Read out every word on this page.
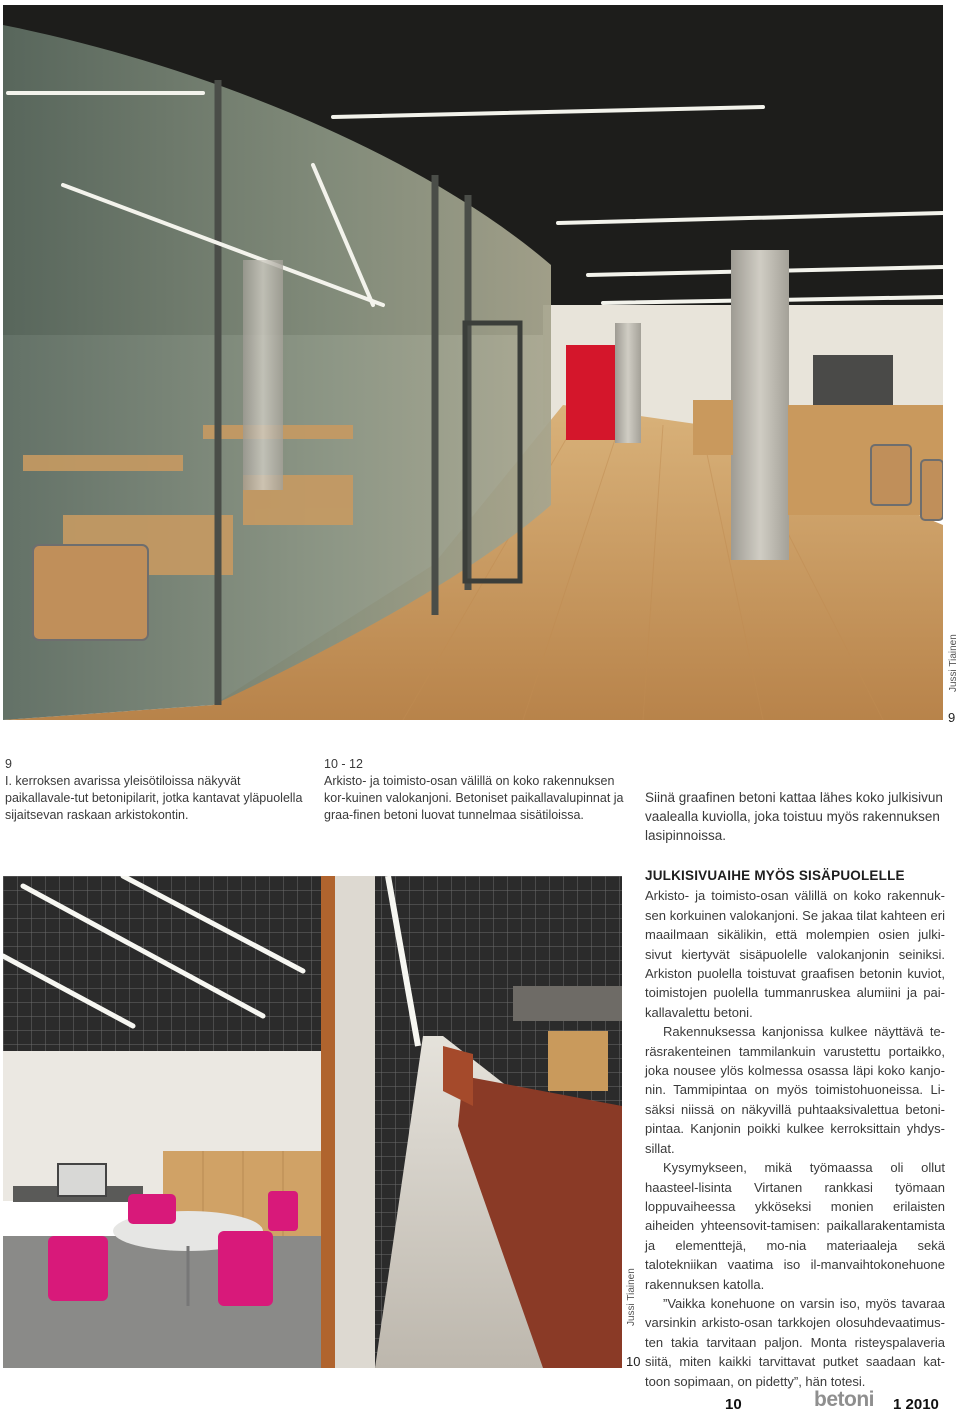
Jussi Tiainen
9
9
I. kerroksen avarissa yleisötiloissa näkyvät paikallavale-tut betonipilarit, jotka kantavat yläpuolella sijaitsevan raskaan arkistokontin.
10 - 12
Arkisto- ja toimisto-osan välillä on koko rakennuksen kor-kuinen valokanjoni. Betoniset paikallavalupinnat ja graa-finen betoni luovat tunnelmaa sisätiloissa.
Siinä graafinen betoni kattaa lähes koko julkisivun vaalealla kuviolla, joka toistuu myös rakennuksen lasipinnoissa.
Jussi Tiainen
10
JULKISIVUAIHE MYÖS SISÄPUOLELLE

Arkisto- ja toimisto-osan välillä on koko rakennuk-sen korkuinen valokanjoni. Se jakaa tilat kahteen eri maailmaan sikälikin, että molempien osien julki-sivut kiertyvät sisäpuolelle valokanjonin seiniksi. Arkiston puolella toistuvat graafisen betonin kuviot, toimistojen puolella tummanruskea alumiini ja pai-kallavalettu betoni.

Rakennuksessa kanjonissa kulkee näyttävä te-räsrakenteinen tammilankuin varustettu portaikko, joka nousee ylös kolmessa osassa läpi koko kanjo-nin. Tammipintaa on myös toimistohuoneissa. Li-säksi niissä on näkyvillä puhtaaksivalettua betoni-pintaa. Kanjonin poikki kulkee kerroksittain yhdys-sillat.

Kysymykseen, mikä työmaassa oli ollut haasteel-lisinta Virtanen rankkasi työmaan loppuvaiheessa ykköseksi monien erilaisten aiheiden yhteensovit-tamisen: paikallarakentamista ja elementtejä, mo-nia materiaaleja sekä talotekniikan vaatima iso il-manvaihtokonehuone rakennuksen katolla.

”Vaikka konehuone on varsin iso, myös tavaraa varsinkin arkisto-osan tarkkojen olosuhdevaatimus-ten takia tarvitaan paljon. Monta risteyspalaveria siitä, miten kaikki tarvittavat putket saadaan kat-toon sopimaan, on pidetty”, hän totesi.

10	betoni 1 2010
